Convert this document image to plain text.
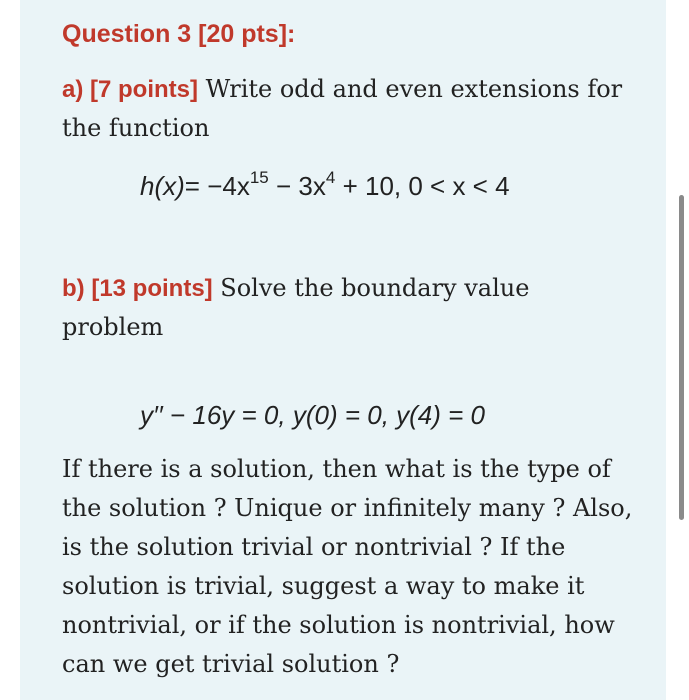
Question 3 [20 pts]:
a) [7 points] Write odd and even extensions for the function
$h(x)= -4x^{15} - 3x^4 + 10$, 0 < x < 4
b) [13 points] Solve the boundary value problem
y′′ − 16y = 0, y(0) = 0, y(4) = 0
If there is a solution, then what is the type of the solution ? Unique or infinitely many ? Also, is the solution trivial or nontrivial ? If the solution is trivial, suggest a way to make it nontrivial, or if the solution is nontrivial, how can we get trivial solution ?
